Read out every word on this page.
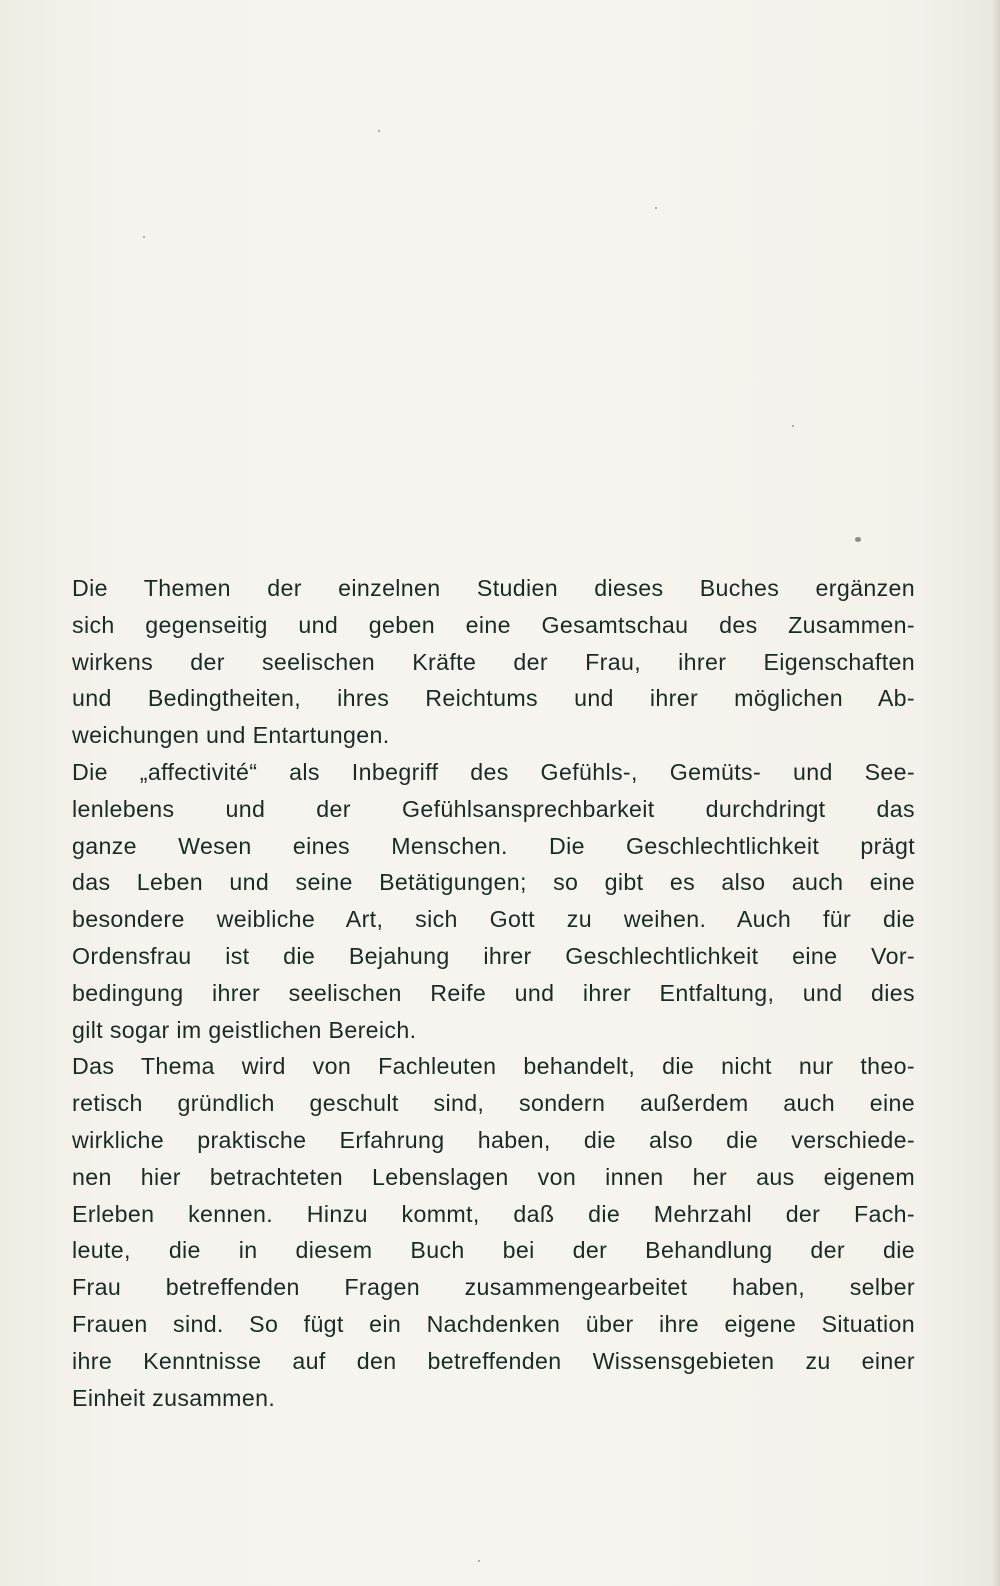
Die Themen der einzelnen Studien dieses Buches ergänzen
sich gegenseitig und geben eine Gesamtschau des Zusammen-
wirkens der seelischen Kräfte der Frau, ihrer Eigenschaften
und Bedingtheiten, ihres Reichtums und ihrer möglichen Ab-
weichungen und Entartungen.
Die „affectivité“ als Inbegriff des Gefühls-, Gemüts- und See-
lenlebens und der Gefühlsansprechbarkeit durchdringt das
ganze Wesen eines Menschen. Die Geschlechtlichkeit prägt
das Leben und seine Betätigungen; so gibt es also auch eine
besondere weibliche Art, sich Gott zu weihen. Auch für die
Ordensfrau ist die Bejahung ihrer Geschlechtlichkeit eine Vor-
bedingung ihrer seelischen Reife und ihrer Entfaltung, und dies
gilt sogar im geistlichen Bereich.
Das Thema wird von Fachleuten behandelt, die nicht nur theo-
retisch gründlich geschult sind, sondern außerdem auch eine
wirkliche praktische Erfahrung haben, die also die verschiede-
nen hier betrachteten Lebenslagen von innen her aus eigenem
Erleben kennen. Hinzu kommt, daß die Mehrzahl der Fach-
leute, die in diesem Buch bei der Behandlung der die
Frau betreffenden Fragen zusammengearbeitet haben, selber
Frauen sind. So fügt ein Nachdenken über ihre eigene Situation
ihre Kenntnisse auf den betreffenden Wissensgebieten zu einer
Einheit zusammen.
